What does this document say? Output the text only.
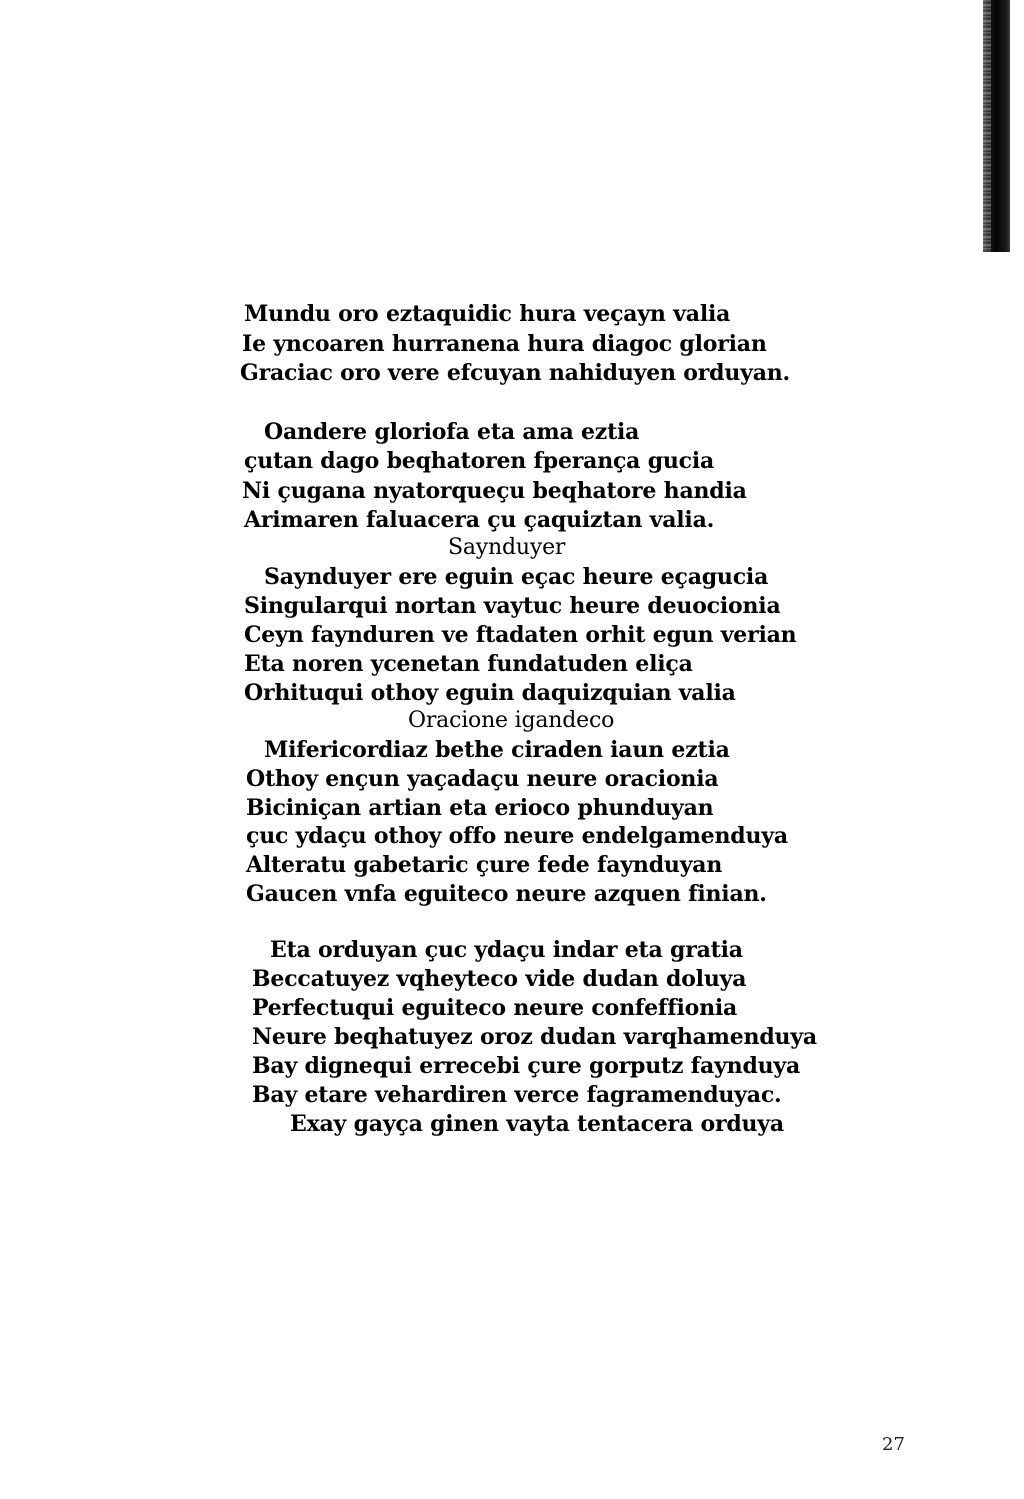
Mundu oro eztaquidic hura veçayn valia
Ie yncoaren hurranena hura diagoc glorian
Graciac oro vere efcuyan nahiduyen orduyan.
Oandere gloriofa eta ama eztia
çutan dago beqhatoren fperança gucia
Ni çugana nyatorqueçu beqhatore handia
Arimaren faluacera çu çaquiztan valia.
Saynduyer
Saynduyer ere eguin eçac heure eçagucia
Singularqui nortan vaytuc heure deuocionia
Ceyn faynduren ve ftadaten orhit egun verian
Eta noren ycenetan fundatuden eliça
Orhituqui othoy eguin daquizquian valia
Oracione igandeco
Mifericordiaz bethe ciraden iaun eztia
Othoy ençun yaçadaçu neure oracionia
Biciniçan artian eta erioco phunduyan
çuc ydaçu othoy offo neure endelgamenduya
Alteratu gabetaric çure fede faynduyan
Gaucen vnfa eguiteco neure azquen finian.
Eta orduyan çuc ydaçu indar eta gratia
Beccatuyez vqheyteco vide dudan doluya
Perfectuqui eguiteco neure confeffionia
Neure beqhatuyez oroz dudan varqhamenduya
Bay dignequi errecebi çure gorputz faynduya
Bay etare vehardiren verce fagramenduyac.
Exay gayça ginen vayta tentacera orduya
27
